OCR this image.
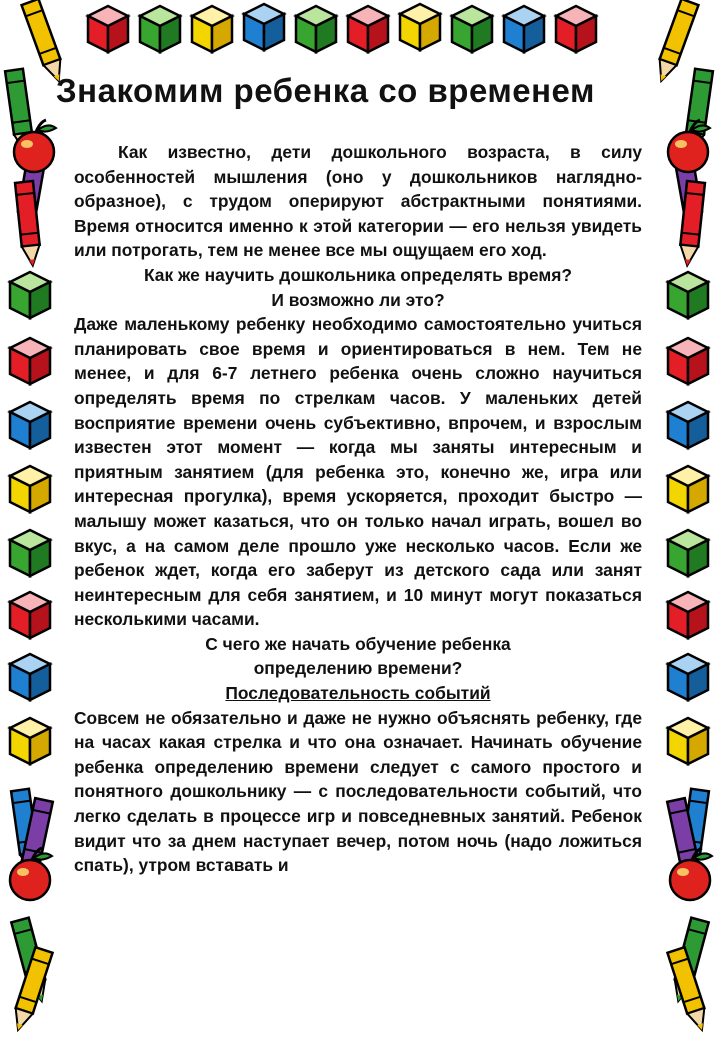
Знакомим ребенка со временем

Как известно, дети дошкольного возраста, в силу особенностей мышления (оно у дошкольников наглядно-образное), с трудом оперируют абстрактными понятиями. Время относится именно к этой категории — его нельзя увидеть или потрогать, тем не менее все мы ощущаем его ход.

Как же научить дошкольника определять время?

И возможно ли это?

Даже маленькому ребенку необходимо самостоятельно учиться планировать свое время и ориентироваться в нем. Тем не менее, и для 6-7 летнего ребенка очень сложно научиться определять время по стрелкам часов. У маленьких детей восприятие времени очень субъективно, впрочем, и взрослым известен этот момент — когда мы заняты интересным и приятным занятием (для ребенка это, конечно же, игра или интересная прогулка), время ускоряется, проходит быстро — малышу может казаться, что он только начал играть, вошел во вкус, а на самом деле прошло уже несколько часов. Если же ребенок ждет, когда его заберут из детского сада или занят неинтересным для себя занятием, и 10 минут могут показаться несколькими часами.

С чего же начать обучение ребенка

определению времени?

Последовательность событий

Совсем не обязательно и даже не нужно объяснять ребенку, где на часах какая стрелка и что она означает. Начинать обучение ребенка определению времени следует с самого простого и понятного дошкольнику — с последовательности событий, что легко сделать в процессе игр и повседневных занятий. Ребенок видит что за днем наступает вечер, потом ночь (надо ложиться спать), утром вставать и
